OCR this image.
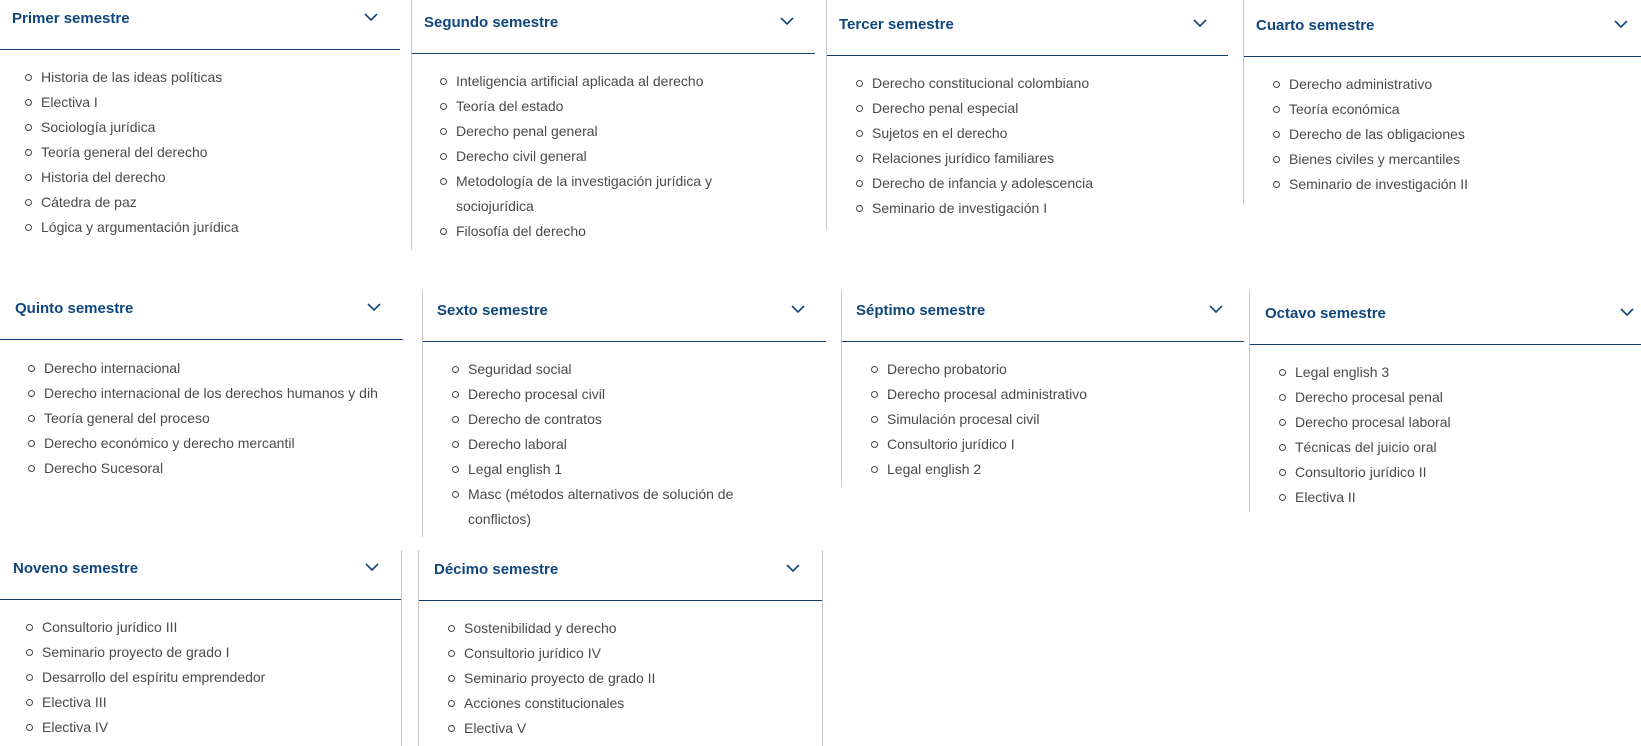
Primer semestre
Historia de las ideas políticas
Electiva I
Sociología jurídica
Teoría general del derecho
Historia del derecho
Cátedra de paz
Lógica y argumentación jurídica
Segundo semestre
Inteligencia artificial aplicada al derecho
Teoría del estado
Derecho penal general
Derecho civil general
Metodología de la investigación jurídica y sociojurídica
Filosofía del derecho
Tercer semestre
Derecho constitucional colombiano
Derecho penal especial
Sujetos en el derecho
Relaciones jurídico familiares
Derecho de infancia y adolescencia
Seminario de investigación I
Cuarto semestre
Derecho administrativo
Teoría económica
Derecho de las obligaciones
Bienes civiles y mercantiles
Seminario de investigación II
Quinto semestre
Derecho internacional
Derecho internacional de los derechos humanos y dih
Teoría general del proceso
Derecho económico y derecho mercantil
Derecho Sucesoral
Sexto semestre
Seguridad social
Derecho procesal civil
Derecho de contratos
Derecho laboral
Legal english 1
Masc (métodos alternativos de solución de conflictos)
Séptimo semestre
Derecho probatorio
Derecho procesal administrativo
Simulación procesal civil
Consultorio jurídico I
Legal english 2
Octavo semestre
Legal english 3
Derecho procesal penal
Derecho procesal laboral
Técnicas del juicio oral
Consultorio jurídico II
Electiva II
Noveno semestre
Consultorio jurídico III
Seminario proyecto de grado I
Desarrollo del espíritu emprendedor
Electiva III
Electiva IV
Décimo semestre
Sostenibilidad y derecho
Consultorio jurídico IV
Seminario proyecto de grado II
Acciones constitucionales
Electiva V
